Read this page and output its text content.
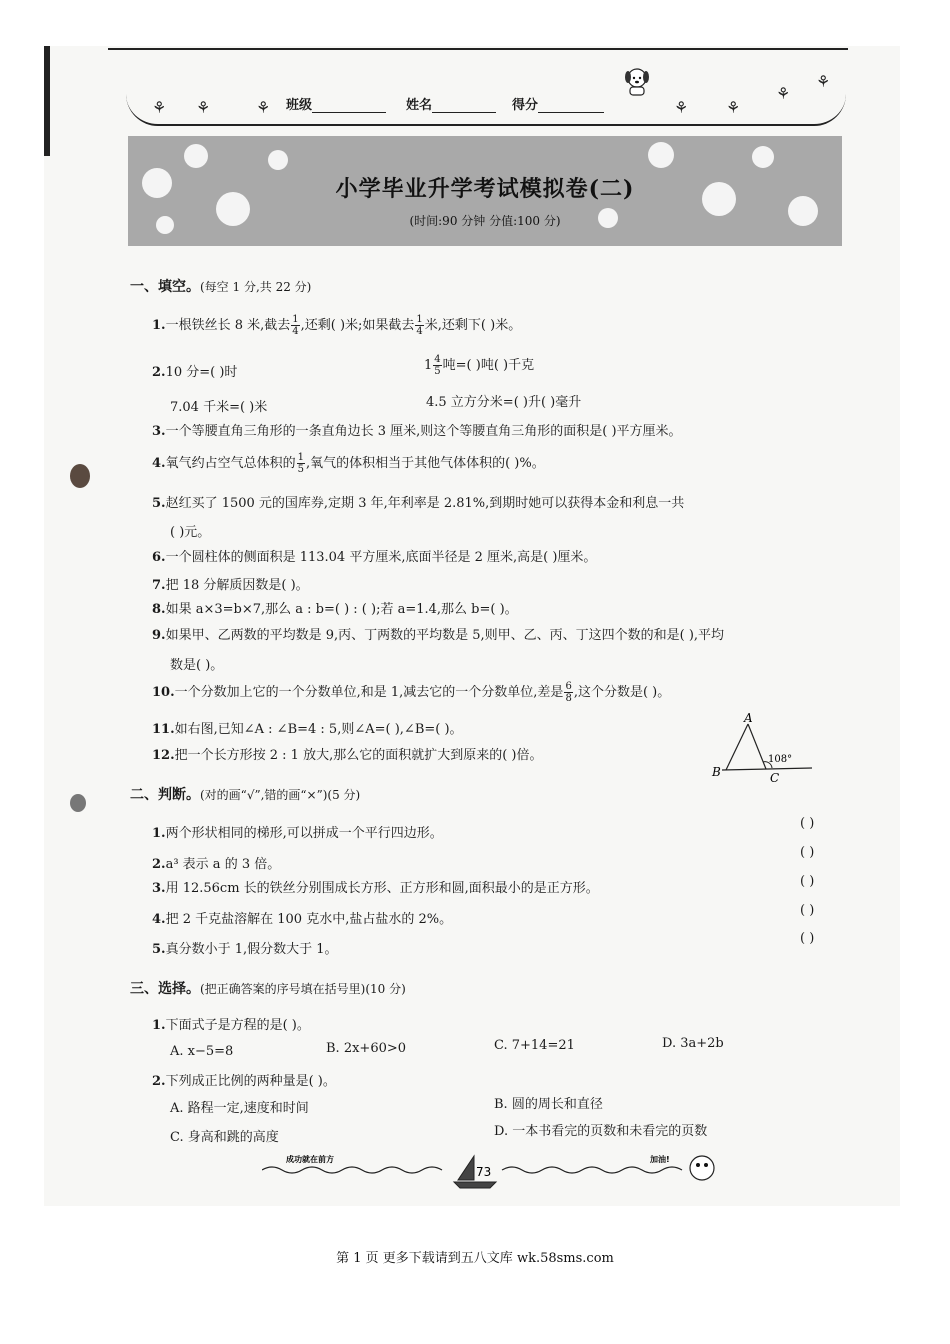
⚘ ⚘	⚘ 班级	姓名	得分	⚘ ⚘
⚘
⚘
小学毕业升学考试模拟卷(二)
(时间:90 分钟 分值:100 分)
一、填空。(每空 1 分,共 22 分)
1.一根铁丝长 8 米,截去 $\frac{1}{4}$ ,还剩( )米;如果截去 $\frac{1}{4}$ 米,还剩下( )米。
2.10 分=( )时	$1 \frac{4}{5}$ 吨=( )吨( )千克
7.04 千米=( )米	4.5 立方分米=( )升( )毫升
3.一个等腰直角三角形的一条直角边长 3 厘米,则这个等腰直角三角形的面积是( )平方厘米。
4.氧气约占空气总体积的 $\frac{1}{5}$ ,氧气的体积相当于其他气体体积的( )%。
5.赵红买了 1500 元的国库券,定期 3 年,年利率是 2.81%,到期时她可以获得本金和利息一共
( )元。
6.一个圆柱体的侧面积是 113.04 平方厘米,底面半径是 2 厘米,高是( )厘米。
7.把 18 分解质因数是( )。
8.如果 a×3=b×7,那么 a : b=( ) : ( );若 a=1.4,那么 b=( )。
9.如果甲、乙两数的平均数是 9,丙、丁两数的平均数是 5,则甲、乙、丙、丁这四个数的和是( ),平均
数是( )。
10.一个分数加上它的一个分数单位,和是 1,减去它的一个分数单位,差是 $\frac{6}{8}$ ,这个分数是( )。
11.如右图,已知∠A : ∠B=4 : 5,则∠A=( ),∠B=( )。
12.把一个长方形按 2 : 1 放大,那么它的面积就扩大到原来的( )倍。
A
B	C
108°
二、判断。(对的画“√”,错的画“×”)(5 分)
1.两个形状相同的梯形,可以拼成一个平行四边形。
( )
2.a³ 表示 a 的 3 倍。
( )
3.用 12.56cm 长的铁丝分别围成长方形、正方形和圆,面积最小的是正方形。	( )
4.把 2 千克盐溶解在 100 克水中,盐占盐水的 2%。
( )
5.真分数小于 1,假分数大于 1。
( )
三、选择。(把正确答案的序号填在括号里)(10 分)
1.下面式子是方程的是( )。
A. x−5=8	B. 2x+60>0	C. 7+14=21	D. 3a+2b
2.下列成正比例的两种量是( )。
A. 路程一定,速度和时间	B. 圆的周长和直径
C. 身高和跳的高度	D. 一本书看完的页数和未看完的页数
成功就在前方
73
加油!
第 1 页 更多下载请到五八文库 wk.58sms.com
